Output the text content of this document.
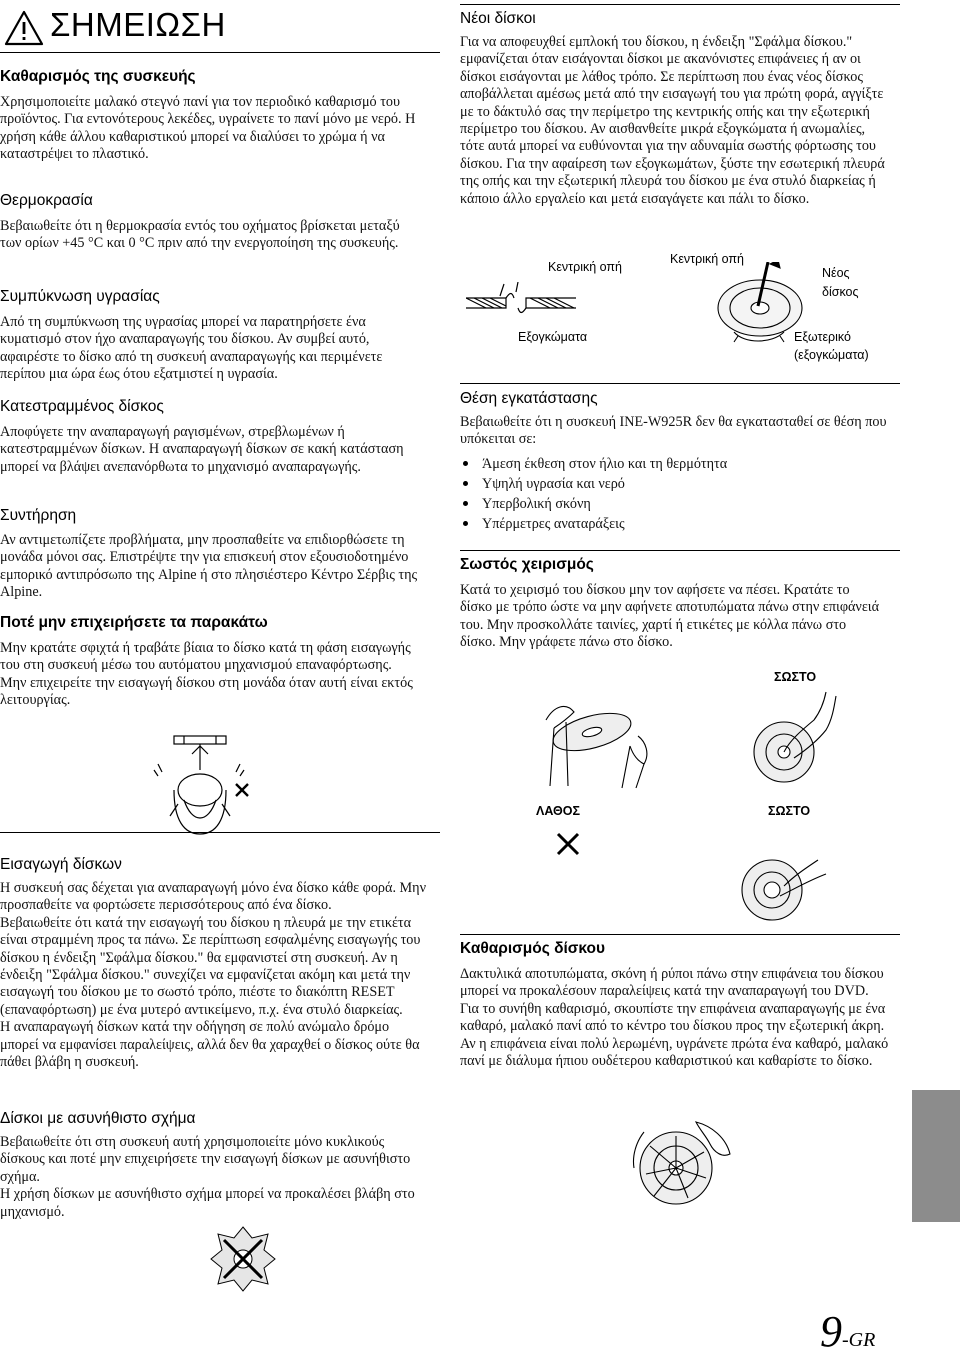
ΣΗΜΕΙΩΣΗ
Καθαρισμός της συσκευής
Χρησιμοποιείτε μαλακό στεγνό πανί για τον περιοδικό καθαρισμό του προϊόντος. Για εντονότερους λεκέδες, υγραίνετε το πανί μόνο με νερό. Η χρήση κάθε άλλου καθαριστικού μπορεί να διαλύσει το χρώμα ή να καταστρέψει το πλαστικό.
Θερμοκρασία
Βεβαιωθείτε ότι η θερμοκρασία εντός του οχήματος βρίσκεται μεταξύ των ορίων +45 °C και 0 °C πριν από την ενεργοποίηση της συσκευής.
Συμπύκνωση υγρασίας
Από τη συμπύκνωση της υγρασίας μπορεί να παρατηρήσετε ένα κυματισμό στον ήχο αναπαραγωγής του δίσκου. Αν συμβεί αυτό, αφαιρέστε το δίσκο από τη συσκευή αναπαραγωγής και περιμένετε περίπου μια ώρα έως ότου εξατμιστεί η υγρασία.
Κατεστραμμένος δίσκος
Αποφύγετε την αναπαραγωγή ραγισμένων, στρεβλωμένων ή κατεστραμμένων δίσκων. Η αναπαραγωγή δίσκων σε κακή κατάσταση μπορεί να βλάψει ανεπανόρθωτα το μηχανισμό αναπαραγωγής.
Συντήρηση
Αν αντιμετωπίζετε προβλήματα, μην προσπαθείτε να επιδιορθώσετε τη μονάδα μόνοι σας. Επιστρέψτε την για επισκευή στον εξουσιοδοτημένο εμπορικό αντιπρόσωπο της Alpine ή στο πλησιέστερο Κέντρο Σέρβις της Alpine.
Ποτέ μην επιχειρήσετε τα παρακάτω

Μην κρατάτε σφιχτά ή τραβάτε βίαια το δίσκο κατά τη φάση εισαγωγής του στη συσκευή μέσω του αυτόματου μηχανισμού επαναφόρτωσης.

Μην επιχειρείτε την εισαγωγή δίσκου στη μονάδα όταν αυτή είναι εκτός λειτουργίας.

Εισαγωγή δίσκων

Η συσκευή σας δέχεται για αναπαραγωγή μόνο ένα δίσκο κάθε φορά. Μην προσπαθείτε να φορτώσετε περισσότερους από ένα δίσκο.

Βεβαιωθείτε ότι κατά την εισαγωγή του δίσκου η πλευρά με την ετικέτα είναι στραμμένη προς τα πάνω. Σε περίπτωση εσφαλμένης εισαγωγής του δίσκου η ένδειξη "Σφάλμα δίσκου." θα εμφανιστεί στη συσκευή. Αν η ένδειξη "Σφάλμα δίσκου." συνεχίζει να εμφανίζεται ακόμη και μετά την εισαγωγή του δίσκου με το σωστό τρόπο, πιέστε το διακόπτη RESET (επαναφόρτωση) με ένα μυτερό αντικείμενο, π.χ. ένα στυλό διαρκείας.

Η αναπαραγωγή δίσκων κατά την οδήγηση σε πολύ ανώμαλο δρόμο μπορεί να εμφανίσει παραλείψεις, αλλά δεν θα χαραχθεί ο δίσκος ούτε θα πάθει βλάβη η συσκευή.

Δίσκοι με ασυνήθιστο σχήμα

Βεβαιωθείτε ότι στη συσκευή αυτή χρησιμοποιείτε μόνο κυκλικούς δίσκους και ποτέ μην επιχειρήσετε την εισαγωγή δίσκων με ασυνήθιστο σχήμα.

Η χρήση δίσκων με ασυνήθιστο σχήμα μπορεί να προκαλέσει βλάβη στο μηχανισμό.

Νέοι δίσκοι
Για να αποφευχθεί εμπλοκή του δίσκου, η ένδειξη "Σφάλμα δίσκου." εμφανίζεται όταν εισάγονται δίσκοι με ακανόνιστες επιφάνειες ή αν οι δίσκοι εισάγονται με λάθος τρόπο. Σε περίπτωση που ένας νέος δίσκος αποβάλλεται αμέσως μετά από την εισαγωγή του για πρώτη φορά, αγγίξτε με το δάκτυλό σας την περίμετρο της κεντρικής οπής και την εξωτερική περίμετρο του δίσκου. Αν αισθανθείτε μικρά εξογκώματα ή ανωμαλίες, τότε αυτά μπορεί να ευθύνονται για την αδυναμία σωστής φόρτωσης του δίσκου. Για την αφαίρεση των εξογκωμάτων, ξύστε την εσωτερική πλευρά της οπής και την εξωτερική πλευρά του δίσκου με ένα στυλό διαρκείας ή κάποιο άλλο εργαλείο και μετά εισαγάγετε και πάλι το δίσκο.
Κεντρική οπή
Εξογκώματα
Κεντρική οπή
Νέος
δίσκος
Εξωτερικό
(εξογκώματα)
Θέση εγκατάστασης
Βεβαιωθείτε ότι η συσκευή INE-W925R δεν θα εγκατασταθεί σε θέση που υπόκειται σε:
Άμεση έκθεση στον ήλιο και τη θερμότητα
Υψηλή υγρασία και νερό
Υπερβολική σκόνη
Υπέρμετρες αναταράξεις
Σωστός χειρισμός
Κατά το χειρισμό του δίσκου μην τον αφήσετε να πέσει. Κρατάτε το δίσκο με τρόπο ώστε να μην αφήνετε αποτυπώματα πάνω στην επιφάνειά του. Μην προσκολλάτε ταινίες, χαρτί ή ετικέτες με κόλλα πάνω στο δίσκο. Μην γράφετε πάνω στο δίσκο.
ΣΩΣΤΟ
ΛΑΘΟΣ	ΣΩΣΤΟ
Καθαρισμός δίσκου
Δακτυλικά αποτυπώματα, σκόνη ή ρύποι πάνω στην επιφάνεια του δίσκου μπορεί να προκαλέσουν παραλείψεις κατά την αναπαραγωγή του DVD. Για το συνήθη καθαρισμό, σκουπίστε την επιφάνεια αναπαραγωγής με ένα καθαρό, μαλακό πανί από το κέντρο του δίσκου προς την εξωτερική άκρη. Αν η επιφάνεια είναι πολύ λερωμένη, υγράνετε πρώτα ένα καθαρό, μαλακό πανί με διάλυμα ήπιου ουδέτερου καθαριστικού και καθαρίστε το δίσκο.
9-GR
